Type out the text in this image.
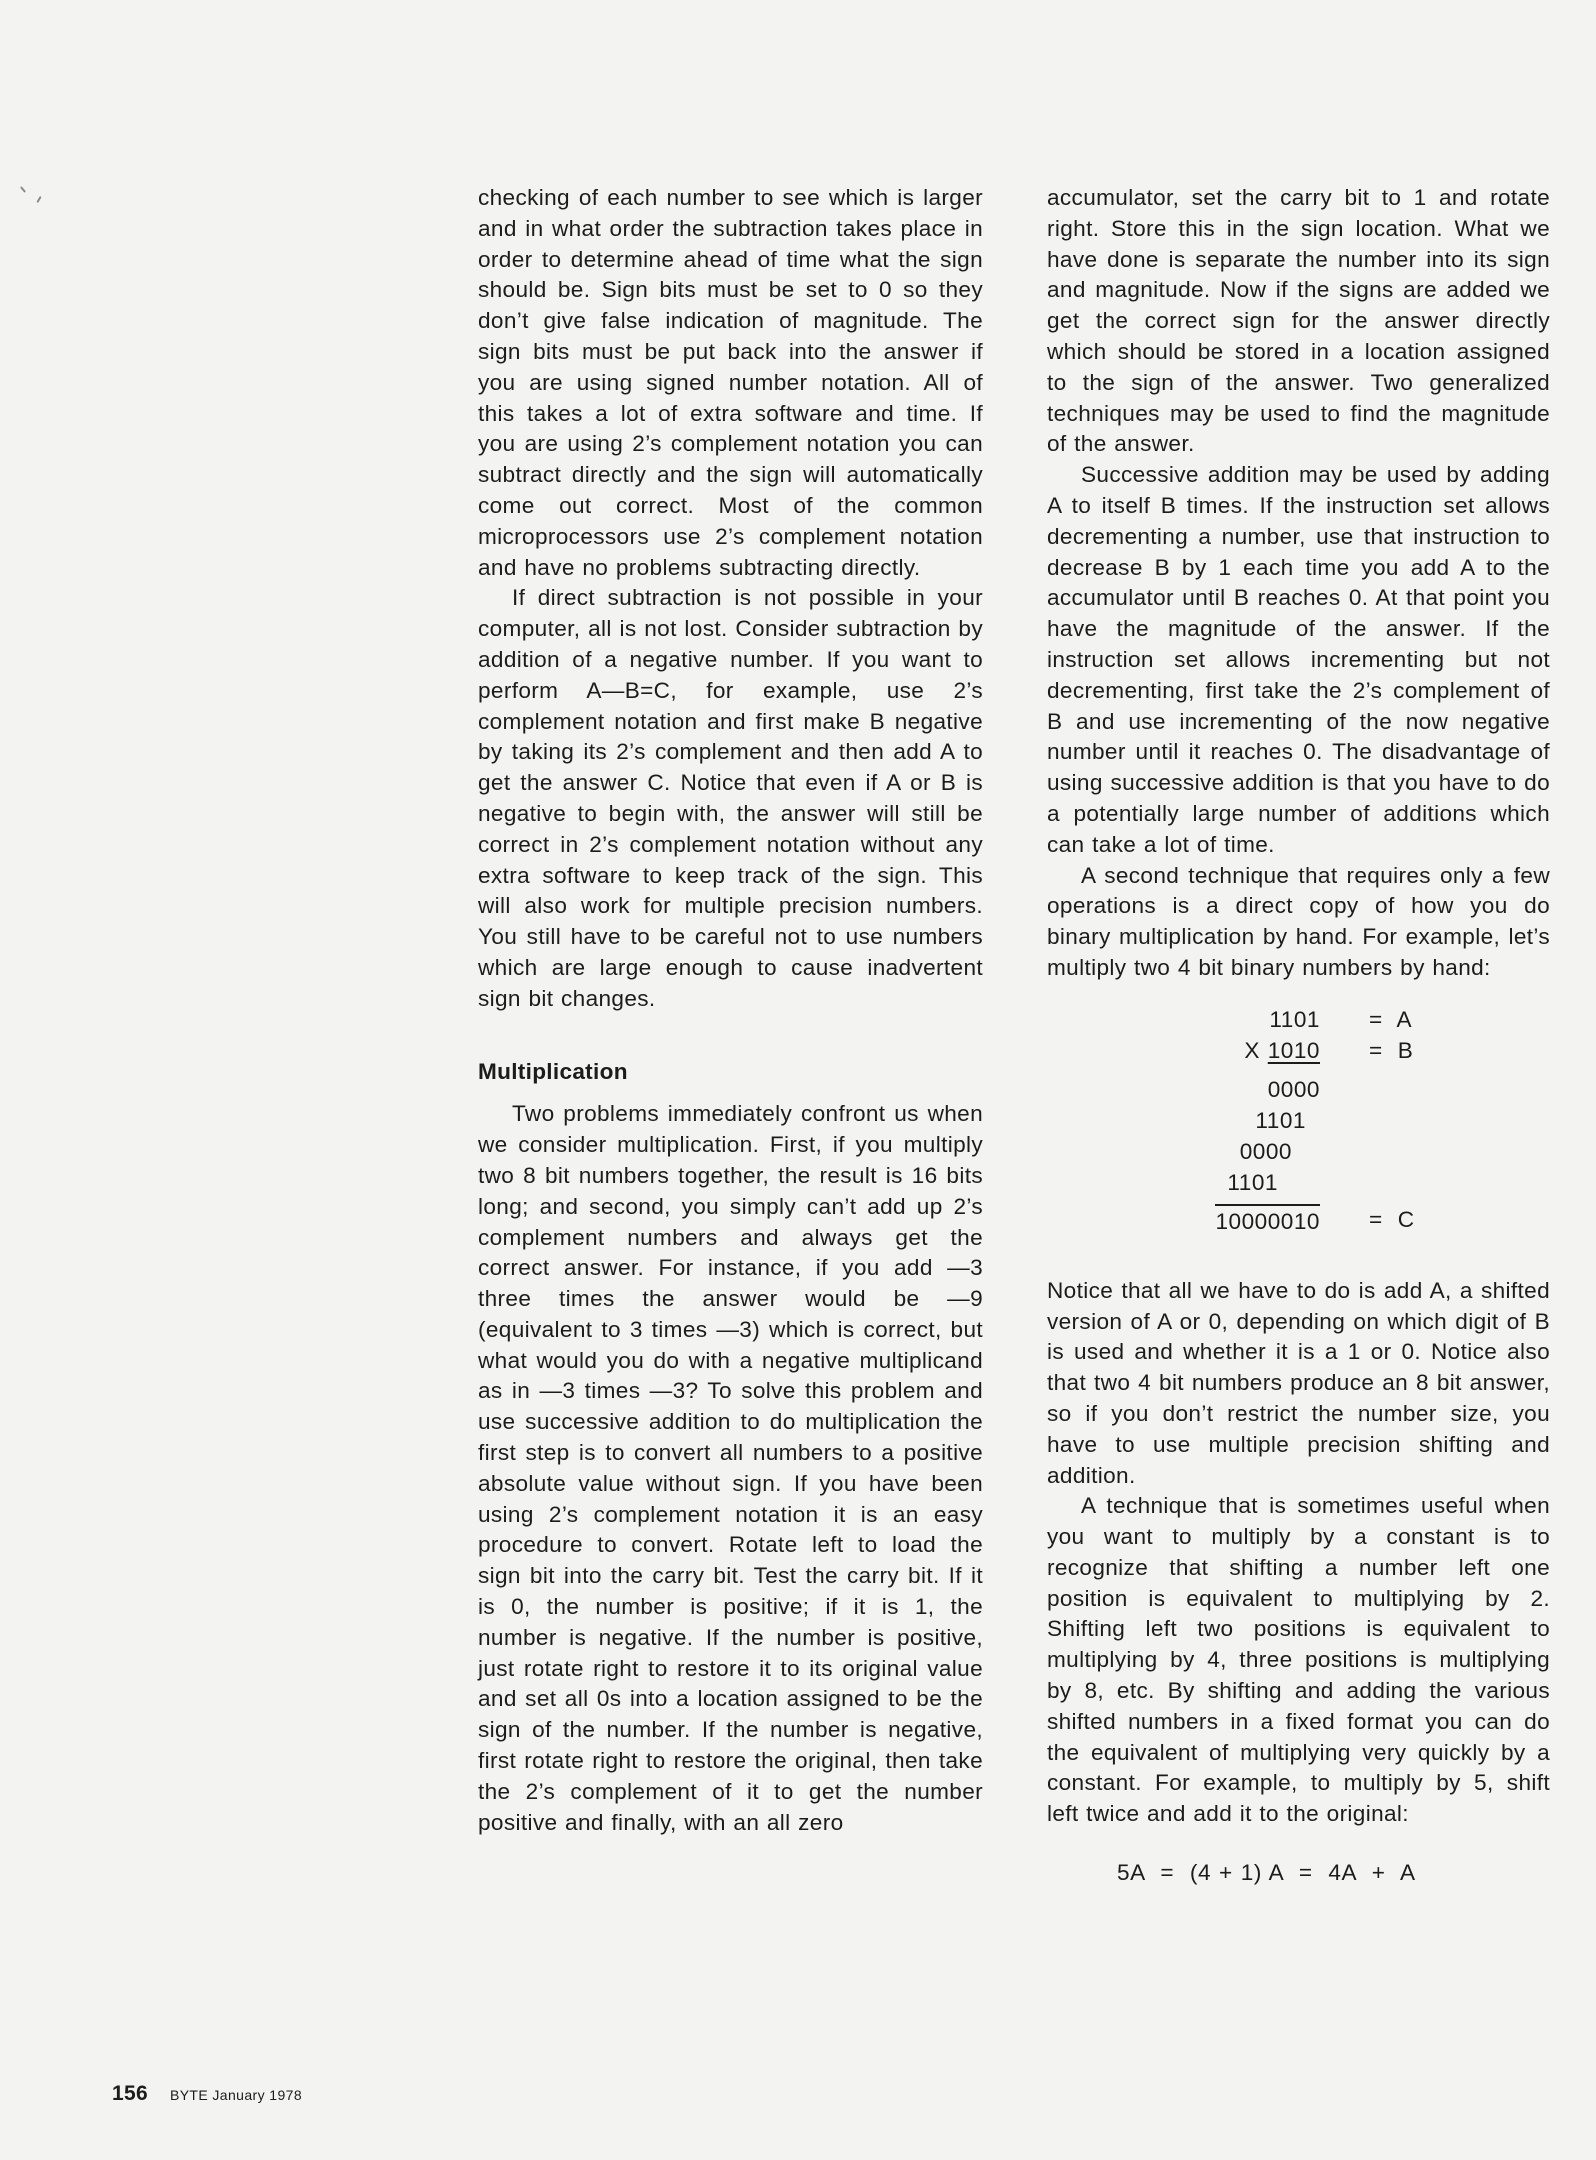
checking of each number to see which is larger and in what order the subtraction takes place in order to determine ahead of time what the sign should be. Sign bits must be set to 0 so they don’t give false indication of magnitude. The sign bits must be put back into the answer if you are using signed number notation. All of this takes a lot of extra software and time. If you are using 2’s complement notation you can subtract directly and the sign will automatically come out correct. Most of the common microprocessors use 2’s complement notation and have no problems subtracting directly.

If direct subtraction is not possible in your computer, all is not lost. Consider subtraction by addition of a negative number. If you want to perform A—B=C, for example, use 2’s complement notation and first make B negative by taking its 2’s complement and then add A to get the answer C. Notice that even if A or B is negative to begin with, the answer will still be correct in 2’s complement notation without any extra software to keep track of the sign. This will also work for multiple precision numbers. You still have to be careful not to use numbers which are large enough to cause inadvertent sign bit changes.

Multiplication

Two problems immediately confront us when we consider multiplication. First, if you multiply two 8 bit numbers together, the result is 16 bits long; and second, you simply can’t add up 2’s complement numbers and always get the correct answer. For instance, if you add —3 three times the answer would be —9 (equivalent to 3 times —3) which is correct, but what would you do with a negative multiplicand as in —3 times —3? To solve this problem and use successive addition to do multiplication the first step is to convert all numbers to a positive absolute value without sign. If you have been using 2’s complement notation it is an easy procedure to convert. Rotate left to load the sign bit into the carry bit. Test the carry bit. If it is 0, the number is positive; if it is 1, the number is negative. If the number is positive, just rotate right to restore it to its original value and set all 0s into a location assigned to be the sign of the number. If the number is negative, first rotate right to restore the original, then take the 2’s complement of it to get the number positive and finally, with an all zero

accumulator, set the carry bit to 1 and rotate right. Store this in the sign location. What we have done is separate the number into its sign and magnitude. Now if the signs are added we get the correct sign for the answer directly which should be stored in a location assigned to the sign of the answer. Two generalized techniques may be used to find the magnitude of the answer.

Successive addition may be used by adding A to itself B times. If the instruction set allows decrementing a number, use that instruction to decrease B by 1 each time you add A to the accumulator until B reaches 0. At that point you have the magnitude of the answer. If the instruction set allows incrementing but not decrementing, first take the 2’s complement of B and use incrementing of the now negative number until it reaches 0. The disadvantage of using successive addition is that you have to do a potentially large number of additions which can take a lot of time.

A second technique that requires only a few operations is a direct copy of how you do binary multiplication by hand. For example, let’s multiply two 4 bit binary numbers by hand:

1101 =  A
X 1010 =  B
0000
1101
0000
1101
10000010 =  C

Notice that all we have to do is add A, a shifted version of A or 0, depending on which digit of B is used and whether it is a 1 or 0. Notice also that two 4 bit numbers produce an 8 bit answer, so if you don’t restrict the number size, you have to use multiple precision shifting and addition.

A technique that is sometimes useful when you want to multiply by a constant is to recognize that shifting a number left one position is equivalent to multiplying by 2. Shifting left two positions is equivalent to multiplying by 4, three positions is multiplying by 8, etc. By shifting and adding the various shifted numbers in a fixed format you can do the equivalent of multiplying very quickly by a constant. For example, to multiply by 5, shift left twice and add it to the original:

5A  =  (4 + 1) A  =  4A  +  A
156 BYTE January 1978
